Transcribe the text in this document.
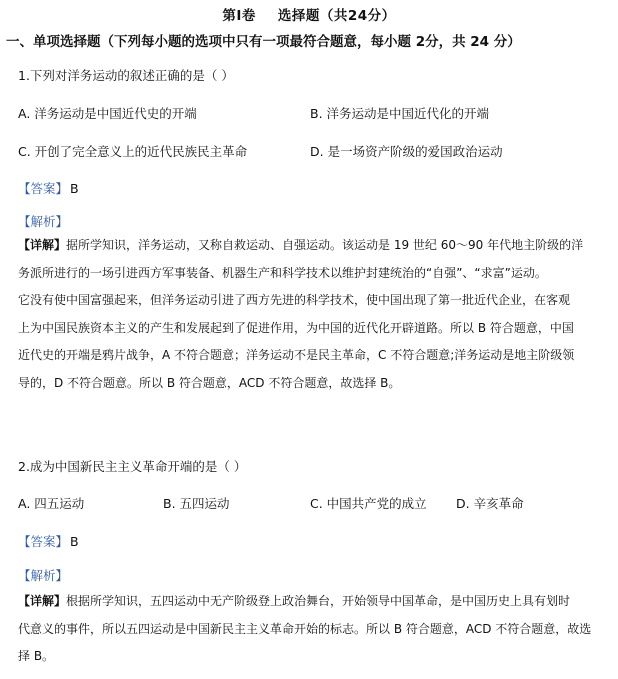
第Ⅰ卷 选择题（共24分）
一、单项选择题（下列每小题的选项中只有一项最符合题意，每小题 2分，共 24 分）
1.下列对洋务运动的叙述正确的是（ ）
A. 洋务运动是中国近代史的开端	B. 洋务运动是中国近代化的开端
C. 开创了完全意义上的近代民族民主革命	D. 是一场资产阶级的爱国政治运动
【答案】 B
【解析】
【详解】据所学知识，洋务运动，又称自救运动、自强运动。该运动是 19 世纪 60～90 年代地主阶级的洋
务派所进行的一场引进西方军事装备、机器生产和科学技术以维护封建统治的“自强”、“求富”运动。
它没有使中国富强起来，但洋务运动引进了西方先进的科学技术，使中国出现了第一批近代企业，在客观
上为中国民族资本主义的产生和发展起到了促进作用，为中国的近代化开辟道路。所以 B 符合题意，中国
近代史的开端是鸦片战争，A 不符合题意；洋务运动不是民主革命，C 不符合题意;洋务运动是地主阶级领
导的，D 不符合题意。所以 B 符合题意，ACD 不符合题意，故选择 B。
2.成为中国新民主主义革命开端的是（ ）
A. 四五运动	B. 五四运动	C. 中国共产党的成立 D. 辛亥革命
【答案】 B
【解析】
【详解】根据所学知识，五四运动中无产阶级登上政治舞台，开始领导中国革命，是中国历史上具有划时
代意义的事件，所以五四运动是中国新民主主义革命开始的标志。所以 B 符合题意，ACD 不符合题意，故选
择 B。
